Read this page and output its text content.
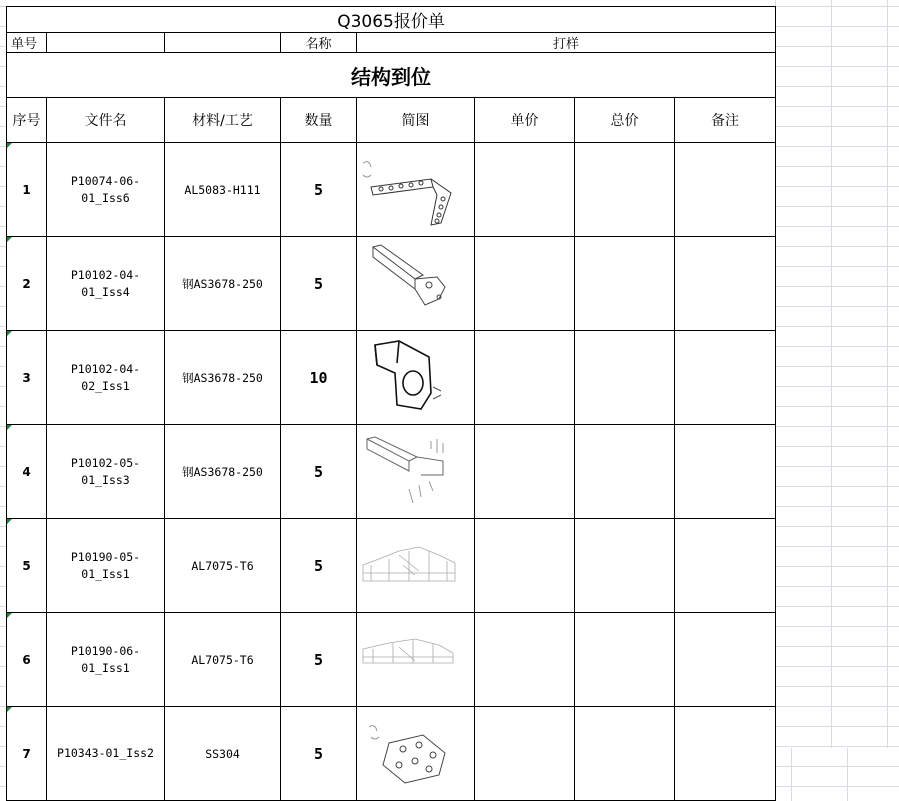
Q3065报价单							
单号			名称	打样			
结构到位							
序号	文件名	材料/工艺	数量	简图	单价	总价	备注
1	P10074-06-
01_Iss6	AL5083-H111	5	

2	P10102-04-
01_Iss4	钢AS3678-250	5	

3	P10102-04-
02_Iss1	钢AS3678-250	10	

4	P10102-05-
01_Iss3	钢AS3678-250	5	

5	P10190-05-
01_Iss1	AL7075-T6	5	

6	P10190-06-
01_Iss1	AL7075-T6	5	

7	P10343-01_Iss2	SS304	5	
